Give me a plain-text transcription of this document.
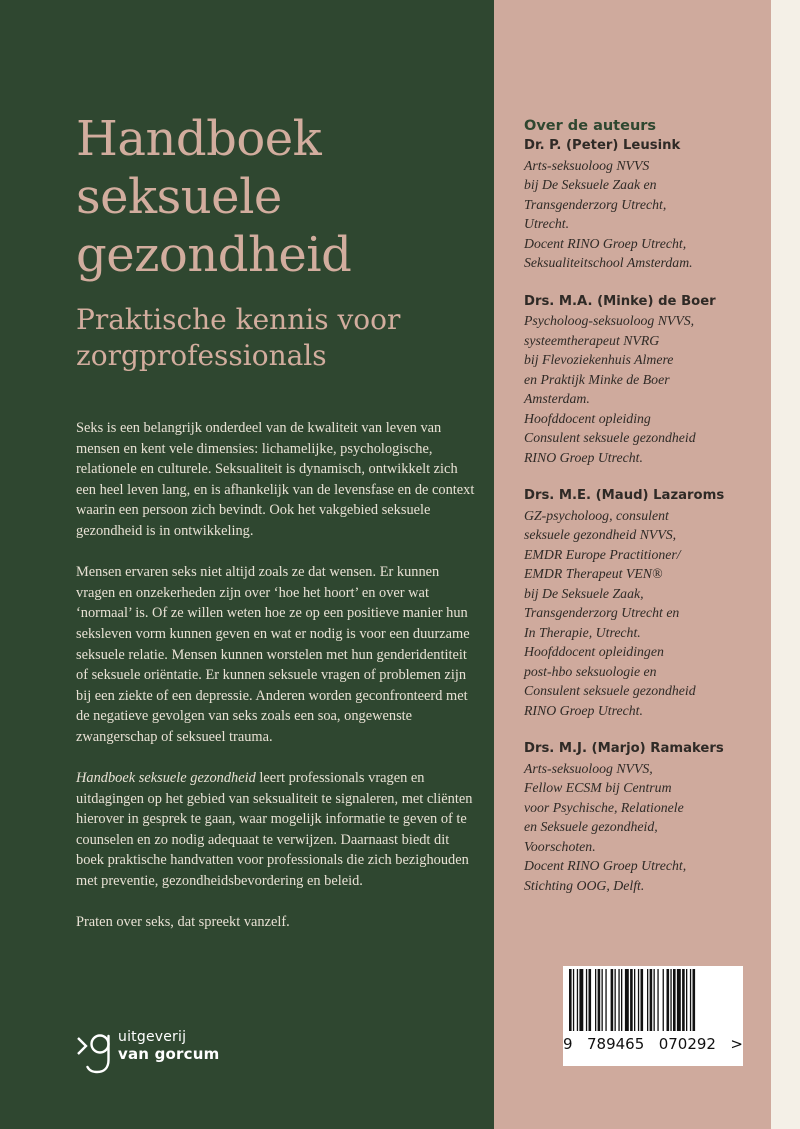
Handboek
seksuele
gezondheid
Praktische kennis voor
zorgprofessionals

Seks is een belangrijk onderdeel van de kwaliteit van leven van mensen en kent vele dimensies: lichamelijke, psychologische, relationele en culturele. Seksualiteit is dynamisch, ontwikkelt zich een heel leven lang, en is afhankelijk van de levensfase en de context waarin een persoon zich bevindt. Ook het vakgebied seksuele gezondheid is in ontwikkeling.

Mensen ervaren seks niet altijd zoals ze dat wensen. Er kunnen vragen en onzekerheden zijn over ‘hoe het hoort’ en over wat ‘normaal’ is. Of ze willen weten hoe ze op een positieve manier hun seksleven vorm kunnen geven en wat er nodig is voor een duurzame seksuele relatie. Mensen kunnen worstelen met hun genderidentiteit of seksuele oriëntatie. Er kunnen seksuele vragen of problemen zijn bij een ziekte of een depressie. Anderen worden geconfronteerd met de negatieve gevolgen van seks zoals een soa, ongewenste zwangerschap of seksueel trauma.

Handboek seksuele gezondheid leert professionals vragen en uitdagingen op het gebied van seksualiteit te signaleren, met cliënten hierover in gesprek te gaan, waar mogelijk informatie te geven of te counselen en zo nodig adequaat te verwijzen. Daarnaast biedt dit boek praktische handvatten voor professionals die zich bezighouden met preventie, gezondheidsbevordering en beleid.

Praten over seks, dat spreekt vanzelf.

uitgeverij
van gorcum
Over de auteurs
Dr. P. (Peter) Leusink
Arts-seksuoloog NVVS
bij De Seksuele Zaak en
Transgenderzorg Utrecht,
Utrecht.
Docent RINO Groep Utrecht,
Seksualiteitschool Amsterdam.
Drs. M.A. (Minke) de Boer
Psycholoog-seksuoloog NVVS,
systeemtherapeut NVRG
bij Flevoziekenhuis Almere
en Praktijk Minke de Boer
Amsterdam.
Hoofddocent opleiding
Consulent seksuele gezondheid
RINO Groep Utrecht.
Drs. M.E. (Maud) Lazaroms
GZ-psycholoog, consulent
seksuele gezondheid NVVS,
EMDR Europe Practitioner/
EMDR Therapeut VEN®
bij De Seksuele Zaak,
Transgenderzorg Utrecht en
In Therapie, Utrecht.
Hoofddocent opleidingen
post-hbo seksuologie en
Consulent seksuele gezondheid
RINO Groep Utrecht.
Drs. M.J. (Marjo) Ramakers
Arts-seksuoloog NVVS,
Fellow ECSM bij Centrum
voor Psychische, Relationele
en Seksuele gezondheid,
Voorschoten.
Docent RINO Groep Utrecht,
Stichting OOG, Delft.
9 789465 070292 >
